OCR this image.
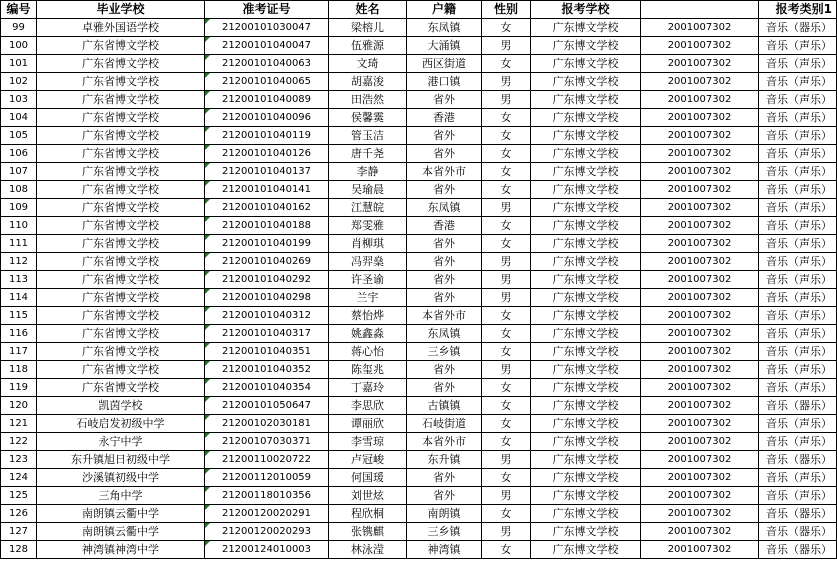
编号	毕业学校	准考证号	姓名	户籍	性别	报考学校		报考类别1
99	卓雅外国语学校	21200101030047	梁榕儿	东凤镇	女	广东博文学校	2001007302	音乐（器乐）
100	广东省博文学校	21200101040047	伍雅源	大涌镇	男	广东博文学校	2001007302	音乐（声乐）
101	广东省博文学校	21200101040063	文琦	西区街道	女	广东博文学校	2001007302	音乐（声乐）
102	广东省博文学校	21200101040065	胡嘉浚	港口镇	男	广东博文学校	2001007302	音乐（声乐）
103	广东省博文学校	21200101040089	田浩然	省外	男	广东博文学校	2001007302	音乐（声乐）
104	广东省博文学校	21200101040096	侯馨霙	香港	女	广东博文学校	2001007302	音乐（声乐）
105	广东省博文学校	21200101040119	管玉洁	省外	女	广东博文学校	2001007302	音乐（声乐）
106	广东省博文学校	21200101040126	唐千尧	省外	女	广东博文学校	2001007302	音乐（声乐）
107	广东省博文学校	21200101040137	李静	本省外市	女	广东博文学校	2001007302	音乐（声乐）
108	广东省博文学校	21200101040141	吴瑜晨	省外	女	广东博文学校	2001007302	音乐（声乐）
109	广东省博文学校	21200101040162	江慧皖	东凤镇	男	广东博文学校	2001007302	音乐（声乐）
110	广东省博文学校	21200101040188	郑雯雅	香港	女	广东博文学校	2001007302	音乐（声乐）
111	广东省博文学校	21200101040199	肖柳琪	省外	女	广东博文学校	2001007302	音乐（声乐）
112	广东省博文学校	21200101040269	冯羿燊	省外	男	广东博文学校	2001007302	音乐（声乐）
113	广东省博文学校	21200101040292	许圣谕	省外	男	广东博文学校	2001007302	音乐（声乐）
114	广东省博文学校	21200101040298	兰宇	省外	男	广东博文学校	2001007302	音乐（声乐）
115	广东省博文学校	21200101040312	蔡怡烨	本省外市	女	广东博文学校	2001007302	音乐（声乐）
116	广东省博文学校	21200101040317	姚鑫淼	东凤镇	女	广东博文学校	2001007302	音乐（声乐）
117	广东省博文学校	21200101040351	蒋心怡	三乡镇	女	广东博文学校	2001007302	音乐（声乐）
118	广东省博文学校	21200101040352	陈玺兆	省外	男	广东博文学校	2001007302	音乐（声乐）
119	广东省博文学校	21200101040354	丁嘉玲	省外	女	广东博文学校	2001007302	音乐（声乐）
120	凯茵学校	21200101050647	李思欣	古镇镇	女	广东博文学校	2001007302	音乐（器乐）
121	石岐启发初级中学	21200102030181	谭丽欣	石岐街道	女	广东博文学校	2001007302	音乐（声乐）
122	永宁中学	21200107030371	李雪琼	本省外市	女	广东博文学校	2001007302	音乐（声乐）
123	东升镇旭日初级中学	21200110020722	卢冠峻	东升镇	男	广东博文学校	2001007302	音乐（器乐）
124	沙溪镇初级中学	21200112010059	何国瑗	省外	女	广东博文学校	2001007302	音乐（声乐）
125	三角中学	21200118010356	刘世炫	省外	男	广东博文学校	2001007302	音乐（声乐）
126	南朗镇云衢中学	21200120020291	程欣桐	南朗镇	女	广东博文学校	2001007302	音乐（器乐）
127	南朗镇云衢中学	21200120020293	张镌麒	三乡镇	男	广东博文学校	2001007302	音乐（器乐）
128	神湾镇神湾中学	21200124010003	林泳滢	神湾镇	女	广东博文学校	2001007302	音乐（器乐）
